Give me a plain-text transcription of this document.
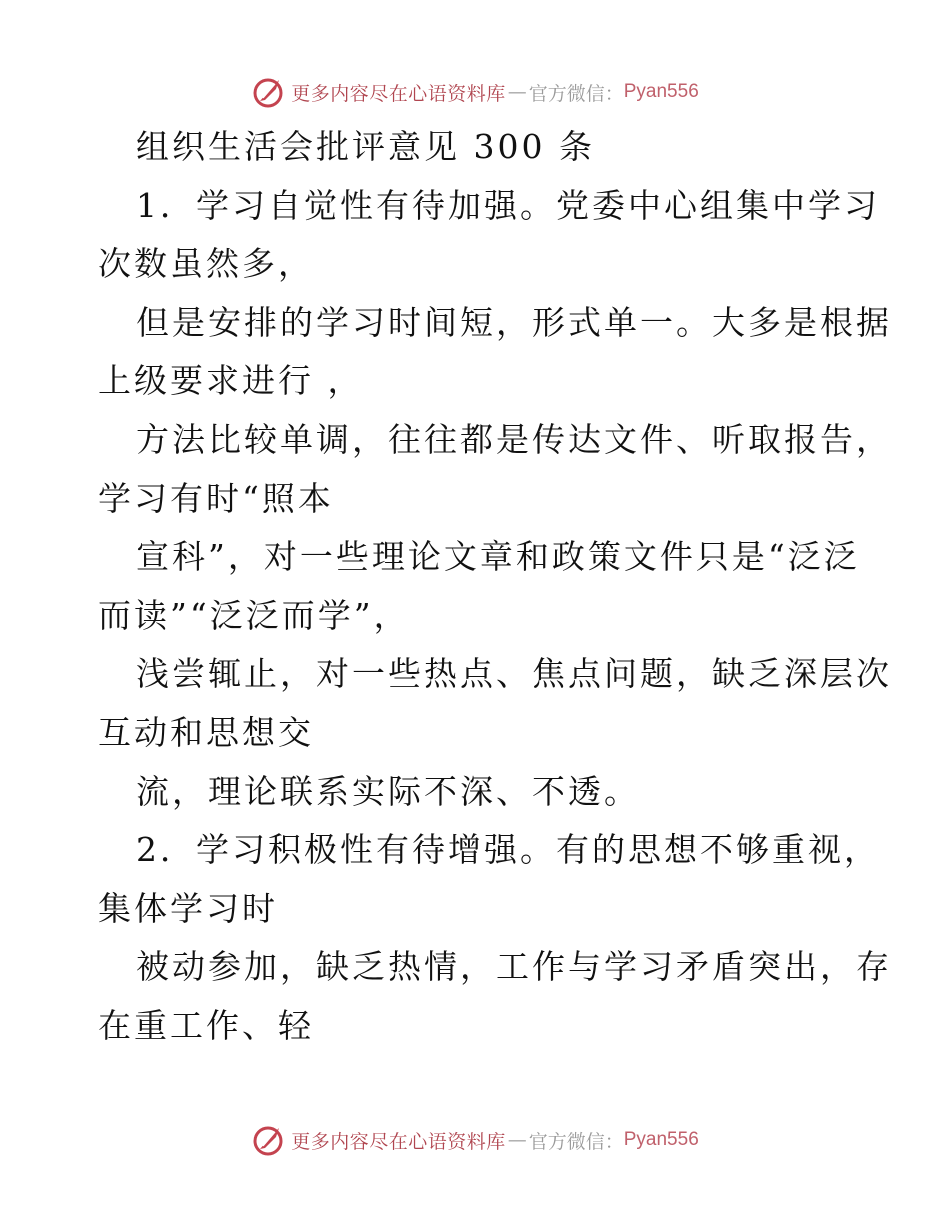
更多内容尽在心语资料库 — 官方微信： Pyan556
组织生活会批评意见 300 条
1．学习自觉性有待加强。党委中心组集中学习
次数虽然多，
但是安排的学习时间短，形式单一。大多是根据
上级要求进行 ，
方法比较单调，往往都是传达文件、听取报告，
学习有时“照本
宣科”，对一些理论文章和政策文件只是“泛泛
而读”“泛泛而学”，
浅尝辄止，对一些热点、焦点问题，缺乏深层次
互动和思想交
流，理论联系实际不深、不透。
2．学习积极性有待增强。有的思想不够重视，
集体学习时
被动参加，缺乏热情，工作与学习矛盾突出，存
在重工作、轻
更多内容尽在心语资料库 — 官方微信： Pyan556
